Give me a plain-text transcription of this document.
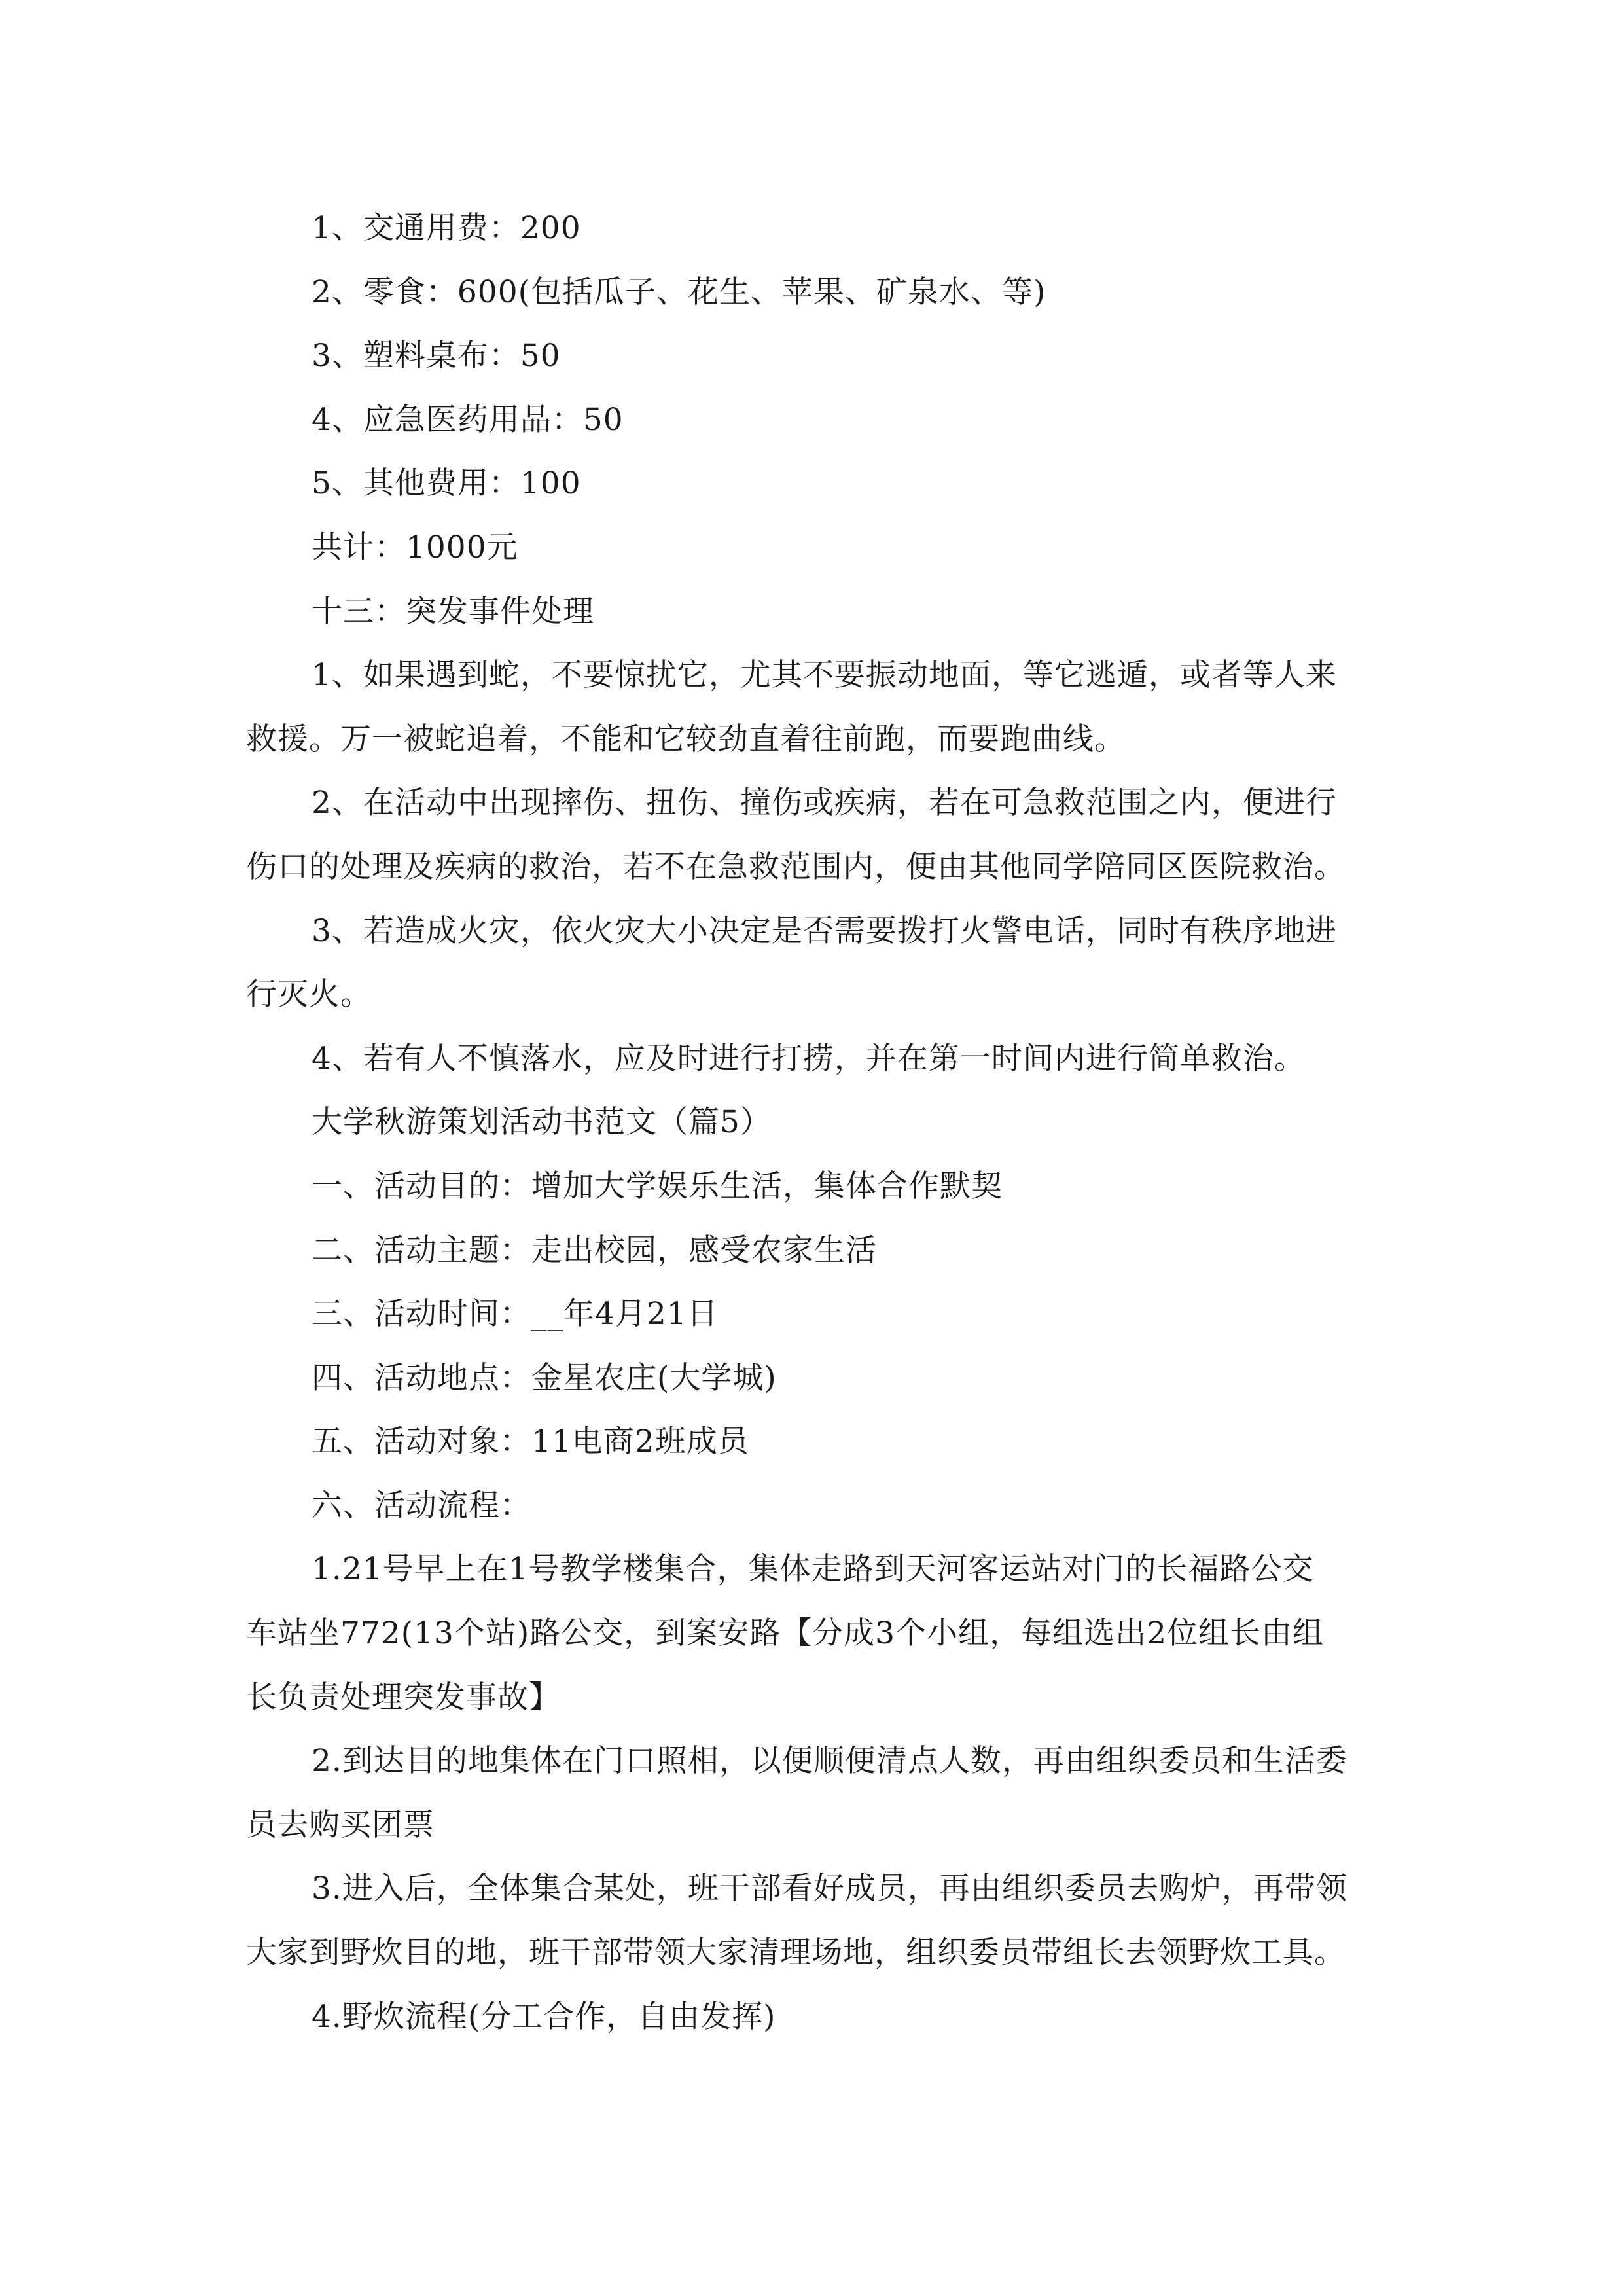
1、交通用费：200
2、零食：600(包括瓜子、花生、苹果、矿泉水、等)
3、塑料桌布：50
4、应急医药用品：50
5、其他费用：100
共计：1000元
十三：突发事件处理
1、如果遇到蛇，不要惊扰它，尤其不要振动地面，等它逃遁，或者等人来
救援。万一被蛇追着，不能和它较劲直着往前跑，而要跑曲线。
2、在活动中出现摔伤、扭伤、撞伤或疾病，若在可急救范围之内，便进行
伤口的处理及疾病的救治，若不在急救范围内，便由其他同学陪同区医院救治。
3、若造成火灾，依火灾大小决定是否需要拨打火警电话，同时有秩序地进
行灭火。
4、若有人不慎落水，应及时进行打捞，并在第一时间内进行简单救治。
大学秋游策划活动书范文（篇5）
一、活动目的：增加大学娱乐生活，集体合作默契
二、活动主题：走出校园，感受农家生活
三、活动时间：__年4月21日
四、活动地点：金星农庄(大学城)
五、活动对象：11电商2班成员
六、活动流程：
1.21号早上在1号教学楼集合，集体走路到天河客运站对门的长福路公交
车站坐772(13个站)路公交，到案安路【分成3个小组，每组选出2位组长由组
长负责处理突发事故】
2.到达目的地集体在门口照相，以便顺便清点人数，再由组织委员和生活委
员去购买团票
3.进入后，全体集合某处，班干部看好成员，再由组织委员去购炉，再带领
大家到野炊目的地，班干部带领大家清理场地，组织委员带组长去领野炊工具。
4.野炊流程(分工合作，自由发挥)
